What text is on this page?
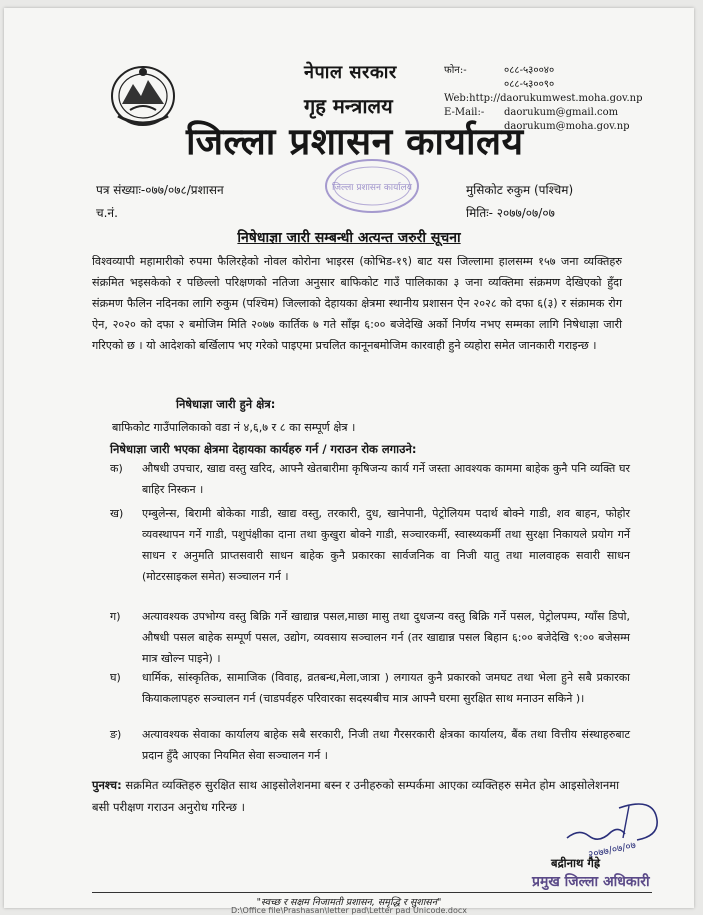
नेपाल सरकार
गृह मन्त्रालय
जिल्ला प्रशासन कार्यालय
फोन:-	०८८-५३००४०
०८८-५३००९०
Web:http://daorukumwest.moha.gov.np
E-Mail:-	daorukum@gmail.com
daorukum@moha.gov.np
जिल्ला प्रशासन कार्यालय
पत्र संख्याः-०७७/०७८/प्रशासन
च.नं.
मुसिकोट रुकुम (पश्चिम)
मितिः- २०७७/०७/०७
निषेधाज्ञा जारी सम्बन्धी अत्यन्त जरुरी सूचना
विश्वव्यापी महामारीको रुपमा फैलिरहेको नोवल कोरोना भाइरस (कोभिड-१९) बाट यस जिल्लामा हालसम्म १५७ जना व्यक्तिहरु संक्रमित भइसकेको र पछिल्लो परिक्षणको नतिजा अनुसार बाफिकोट गाउँ पालिकाका ३ जना व्यक्तिमा संक्रमण देखिएको हुँदा संक्रमण फैलिन नदिनका लागि रुकुम (पश्चिम) जिल्लाको देहायका क्षेत्रमा स्थानीय प्रशासन ऐन २०२८ को दफा ६(३) र संक्रामक रोग ऐन, २०२० को दफा २ बमोजिम मिति २०७७ कार्तिक ७ गते साँझ ६:०० बजेदेखि अर्को निर्णय नभए सम्मका लागि निषेधाज्ञा जारी गरिएको छ । यो आदेशको बर्खिलाप भए गरेको पाइएमा प्रचलित कानूनबमोजिम कारवाही हुने व्यहोरा समेत जानकारी गराइन्छ ।
निषेधाज्ञा जारी हुने क्षेत्र:
बाफिकोट गाउँपालिकाको वडा नं ४,६,७ र ८ का सम्पूर्ण क्षेत्र ।
निषेधाज्ञा जारी भएका क्षेत्रमा देहायका कार्यहरु गर्न / गराउन रोक लगाउने:
क)	औषधी उपचार, खाद्य वस्तु खरिद, आफ्नै खेतबारीमा कृषिजन्य कार्य गर्ने जस्ता आवश्यक काममा बाहेक कुनै पनि व्यक्ति घर बाहिर निस्कन ।
ख)	एम्बुलेन्स, बिरामी बोकेका गाडी, खाद्य वस्तु, तरकारी, दुध, खानेपानी, पेट्रोलियम पदार्थ बोक्ने गाडी, शव बाहन, फोहोर व्यवस्थापन गर्ने गाडी, पशुपंक्षीका दाना तथा कुखुरा बोक्ने गाडी, सञ्चारकर्मी, स्वास्थ्यकर्मी तथा सुरक्षा निकायले प्रयोग गर्ने साधन र अनुमति प्राप्तसवारी साधन बाहेक कुनै प्रकारका सार्वजनिक वा निजी यातु तथा मालवाहक सवारी साधन (मोटरसाइकल समेत) सञ्चालन गर्न ।
ग)	अत्यावश्यक उपभोग्य वस्तु बिक्रि गर्ने खाद्यान्न पसल,माछा मासु तथा दुधजन्य वस्तु बिक्रि गर्ने पसल, पेट्रोलपम्प, ग्याँस डिपो, औषधी पसल बाहेक सम्पूर्ण पसल, उद्योग, व्यवसाय सञ्चालन गर्न (तर खाद्यान्न पसल बिहान ६:०० बजेदेखि ९:०० बजेसम्म मात्र खोल्न पाइने) ।
घ)	धार्मिक, सांस्कृतिक, सामाजिक (विवाह, व्रतबन्ध,मेला,जात्रा ) लगायत कुनै प्रकारको जमघट तथा भेला हुने सबै प्रकारका कियाकलापहरु सञ्चालन गर्न (चाडपर्वहरु परिवारका सदस्यबीच मात्र आफ्नै घरमा सुरक्षित साथ मनाउन सकिने )।
ङ)	अत्यावश्यक सेवाका कार्यालय बाहेक सबै सरकारी, निजी तथा गैरसरकारी क्षेत्रका कार्यालय, बैंक तथा वित्तीय संस्थाहरुबाट प्रदान हुँदै आएका नियमित सेवा सञ्चालन गर्न ।
पुनश्च: सक्रमित व्यक्तिहरु सुरक्षित साथ आइसोलेशनमा बस्न र उनीहरुको सम्पर्कमा आएका व्यक्तिहरु समेत होम आइसोलेशनमा बसी परीक्षण गराउन अनुरोध गरिन्छ ।
२०७७/०७/०७
बद्रीनाथ गैह्रे
प्रमुख जिल्ला अधिकारी
"स्वच्छ र सक्षम निजामती प्रशासन, समृद्धि र सुशासन"
D:\Office file\Prashasan\letter pad\Letter pad Unicode.docx
